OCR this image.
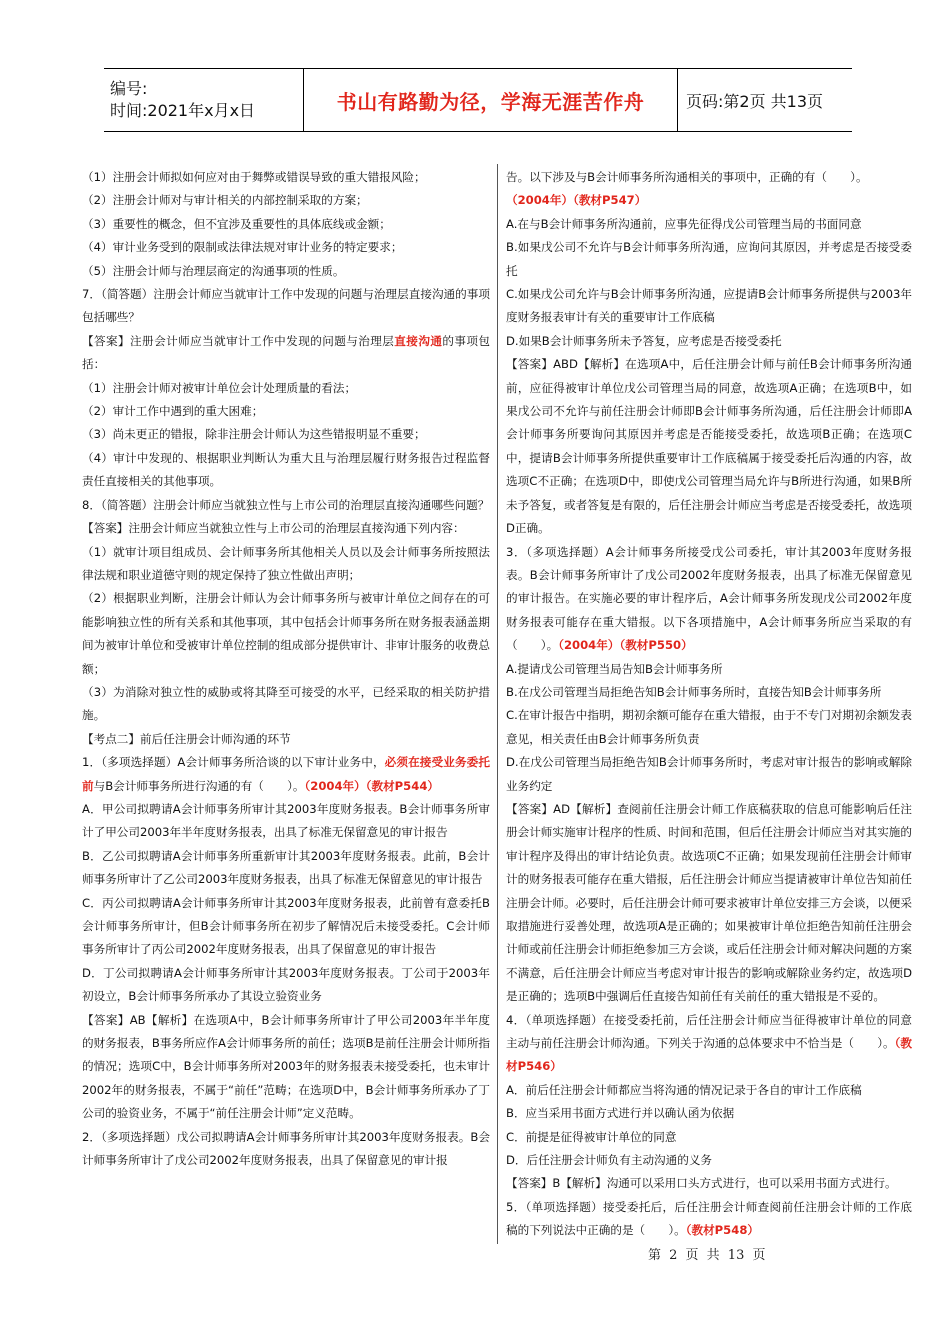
编号:
时间:2021年x月x日	书山有路勤为径，学海无涯苦作舟	页码:第2页 共13页

（1）注册会计师拟如何应对由于舞弊或错误导致的重大错报风险；

（2）注册会计师对与审计相关的内部控制采取的方案；

（3）重要性的概念，但不宜涉及重要性的具体底线或金额；

（4）审计业务受到的限制或法律法规对审计业务的特定要求；

（5）注册会计师与治理层商定的沟通事项的性质。

7．（简答题）注册会计师应当就审计工作中发现的问题与治理层直接沟通的事项包括哪些？

【答案】注册会计师应当就审计工作中发现的问题与治理层直接沟通的事项包括：

（1）注册会计师对被审计单位会计处理质量的看法；

（2）审计工作中遇到的重大困难；

（3）尚未更正的错报，除非注册会计师认为这些错报明显不重要；

（4）审计中发现的、根据职业判断认为重大且与治理层履行财务报告过程监督责任直接相关的其他事项。

8．（简答题）注册会计师应当就独立性与上市公司的治理层直接沟通哪些问题？

【答案】注册会计师应当就独立性与上市公司的治理层直接沟通下列内容：

（1）就审计项目组成员、会计师事务所其他相关人员以及会计师事务所按照法律法规和职业道德守则的规定保持了独立性做出声明；

（2）根据职业判断，注册会计师认为会计师事务所与被审计单位之间存在的可能影响独立性的所有关系和其他事项，其中包括会计师事务所在财务报表涵盖期间为被审计单位和受被审计单位控制的组成部分提供审计、非审计服务的收费总额；

（3）为消除对独立性的威胁或将其降至可接受的水平，已经采取的相关防护措施。

【考点二】前后任注册会计师沟通的环节

1．（多项选择题）A会计师事务所洽谈的以下审计业务中，必须在接受业务委托前与B会计师事务所进行沟通的有（　　）。（2004年）（教材P544）

A．甲公司拟聘请A会计师事务所审计其2003年度财务报表。B会计师事务所审计了甲公司2003年半年度财务报表，出具了标准无保留意见的审计报告

B．乙公司拟聘请A会计师事务所重新审计其2003年度财务报表。此前，B会计师事务所审计了乙公司2003年度财务报表，出具了标准无保留意见的审计报告

C．丙公司拟聘请A会计师事务所审计其2003年度财务报表，此前曾有意委托B会计师事务所审计，但B会计师事务所在初步了解情况后未接受委托。C会计师事务所审计了丙公司2002年度财务报表，出具了保留意见的审计报告

D．丁公司拟聘请A会计师事务所审计其2003年度财务报表。丁公司于2003年初设立，B会计师事务所承办了其设立验资业务

【答案】AB【解析】在选项A中，B会计师事务所审计了甲公司2003年半年度的财务报表，B事务所应作A会计师事务所的前任；选项B是前任注册会计师所指的情况；选项C中，B会计师事务所对2003年的财务报表未接受委托，也未审计2002年的财务报表，不属于“前任”范畴；在选项D中，B会计师事务所承办了丁公司的验资业务，不属于“前任注册会计师”定义范畴。

2．（多项选择题）戊公司拟聘请A会计师事务所审计其2003年度财务报表。B会计师事务所审计了戊公司2002年度财务报表，出具了保留意见的审计报

告。以下涉及与B会计师事务所沟通相关的事项中，正确的有（　　）。

（2004年）（教材P547）

A.在与B会计师事务所沟通前，应事先征得戊公司管理当局的书面同意

B.如果戊公司不允许与B会计师事务所沟通，应询问其原因，并考虑是否接受委托

C.如果戊公司允许与B会计师事务所沟通，应提请B会计师事务所提供与2003年度财务报表审计有关的重要审计工作底稿

D.如果B会计师事务所未予答复，应考虑是否接受委托

【答案】ABD【解析】在选项A中，后任注册会计师与前任B会计师事务所沟通前，应征得被审计单位戊公司管理当局的同意，故选项A正确；在选项B中，如果戊公司不允许与前任注册会计师即B会计师事务所沟通，后任注册会计师即A会计师事务所要询问其原因并考虑是否能接受委托，故选项B正确；在选项C中，提请B会计师事务所提供重要审计工作底稿属于接受委托后沟通的内容，故选项C不正确；在选项D中，即使戊公司管理当局允许与B所进行沟通，如果B所未予答复，或者答复是有限的，后任注册会计师应当考虑是否接受委托，故选项D正确。

3．（多项选择题）A会计师事务所接受戊公司委托，审计其2003年度财务报表。B会计师事务所审计了戊公司2002年度财务报表，出具了标准无保留意见的审计报告。在实施必要的审计程序后，A会计师事务所发现戊公司2002年度财务报表可能存在重大错报。以下各项措施中，A会计师事务所应当采取的有（　　）。（2004年）（教材P550）

A.提请戊公司管理当局告知B会计师事务所

B.在戊公司管理当局拒绝告知B会计师事务所时，直接告知B会计师事务所

C.在审计报告中指明，期初余额可能存在重大错报，由于不专门对期初余额发表意见，相关责任由B会计师事务所负责

D.在戊公司管理当局拒绝告知B会计师事务所时，考虑对审计报告的影响或解除业务约定

【答案】AD【解析】查阅前任注册会计师工作底稿获取的信息可能影响后任注册会计师实施审计程序的性质、时间和范围，但后任注册会计师应当对其实施的审计程序及得出的审计结论负责。故选项C不正确；如果发现前任注册会计师审计的财务报表可能存在重大错报，后任注册会计师应当提请被审计单位告知前任注册会计师。必要时，后任注册会计师可要求被审计单位安排三方会谈，以便采取措施进行妥善处理，故选项A是正确的；如果被审计单位拒绝告知前任注册会计师或前任注册会计师拒绝参加三方会谈，或后任注册会计师对解决问题的方案不满意，后任注册会计师应当考虑对审计报告的影响或解除业务约定，故选项D是正确的；选项B中强调后任直接告知前任有关前任的重大错报是不妥的。

4．（单项选择题）在接受委托前，后任注册会计师应当征得被审计单位的同意主动与前任注册会计师沟通。下列关于沟通的总体要求中不恰当是（　　）。（教材P546）

A．前后任注册会计师都应当将沟通的情况记录于各自的审计工作底稿

B．应当采用书面方式进行并以确认函为依据

C．前提是征得被审计单位的同意

D．后任注册会计师负有主动沟通的义务

【答案】B【解析】沟通可以采用口头方式进行，也可以采用书面方式进行。

5．（单项选择题）接受委托后，后任注册会计师查阅前任注册会计师的工作底稿的下列说法中正确的是（　　）。（教材P548）

第 2 页 共 13 页
